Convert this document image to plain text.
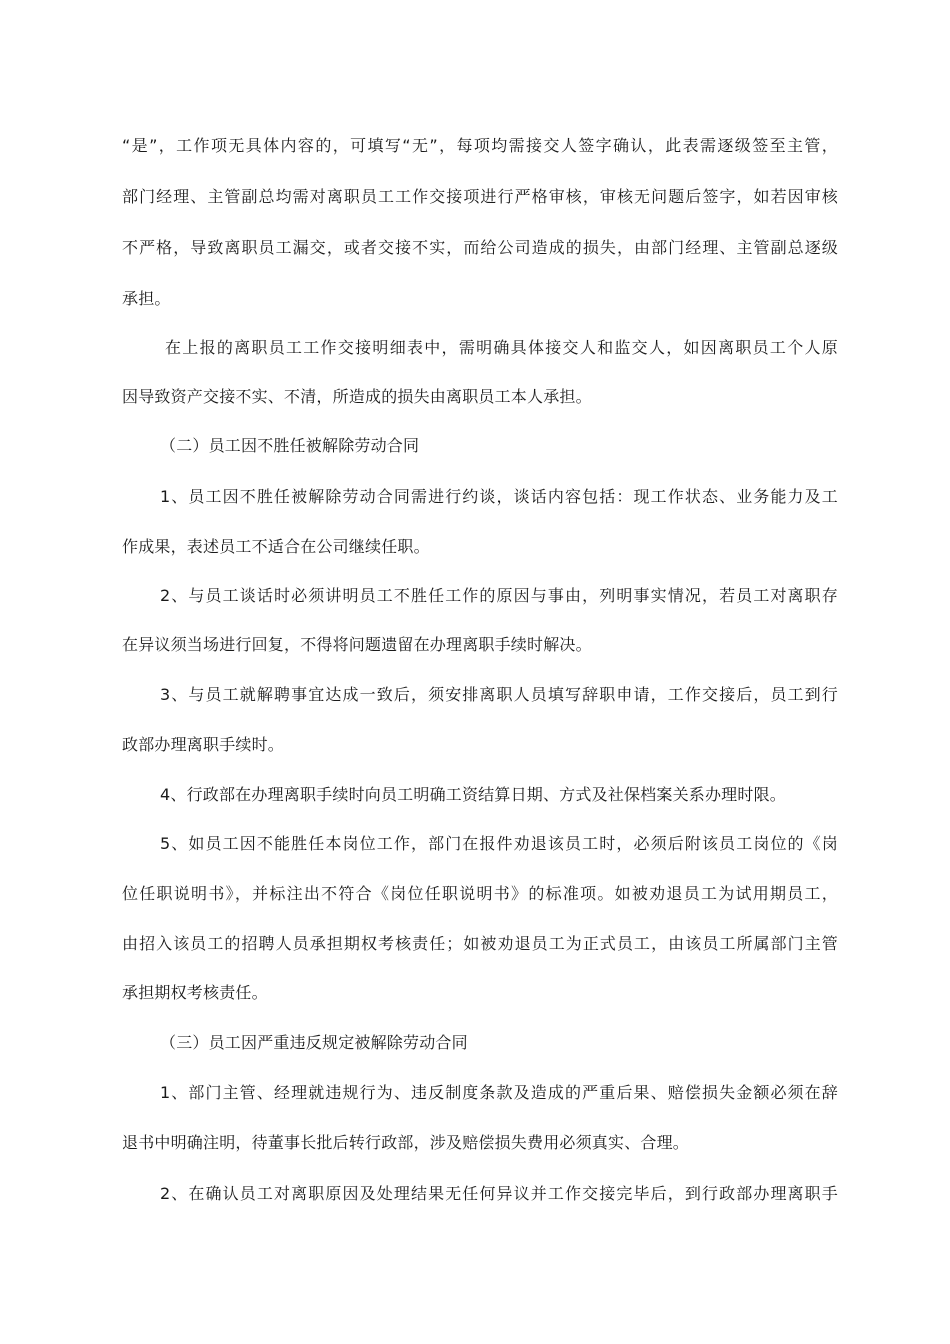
“是”，工作项无具体内容的，可填写“无”，每项均需接交人签字确认，此表需逐级签至主管，
部门经理、主管副总均需对离职员工工作交接项进行严格审核，审核无问题后签字，如若因审核
不严格，导致离职员工漏交，或者交接不实，而给公司造成的损失，由部门经理、主管副总逐级
承担。
在上报的离职员工工作交接明细表中，需明确具体接交人和监交人，如因离职员工个人原
因导致资产交接不实、不清，所造成的损失由离职员工本人承担。
（二）员工因不胜任被解除劳动合同
1、员工因不胜任被解除劳动合同需进行约谈，谈话内容包括：现工作状态、业务能力及工
作成果，表述员工不适合在公司继续任职。
2、与员工谈话时必须讲明员工不胜任工作的原因与事由，列明事实情况，若员工对离职存
在异议须当场进行回复，不得将问题遗留在办理离职手续时解决。
3、与员工就解聘事宜达成一致后，须安排离职人员填写辞职申请，工作交接后，员工到行
政部办理离职手续时。
4、行政部在办理离职手续时向员工明确工资结算日期、方式及社保档案关系办理时限。
5、如员工因不能胜任本岗位工作，部门在报件劝退该员工时，必须后附该员工岗位的《岗
位任职说明书》，并标注出不符合《岗位任职说明书》的标准项。如被劝退员工为试用期员工，
由招入该员工的招聘人员承担期权考核责任；如被劝退员工为正式员工，由该员工所属部门主管
承担期权考核责任。
（三）员工因严重违反规定被解除劳动合同
1、部门主管、经理就违规行为、违反制度条款及造成的严重后果、赔偿损失金额必须在辞
退书中明确注明，待董事长批后转行政部，涉及赔偿损失费用必须真实、合理。
2、在确认员工对离职原因及处理结果无任何异议并工作交接完毕后，到行政部办理离职手
